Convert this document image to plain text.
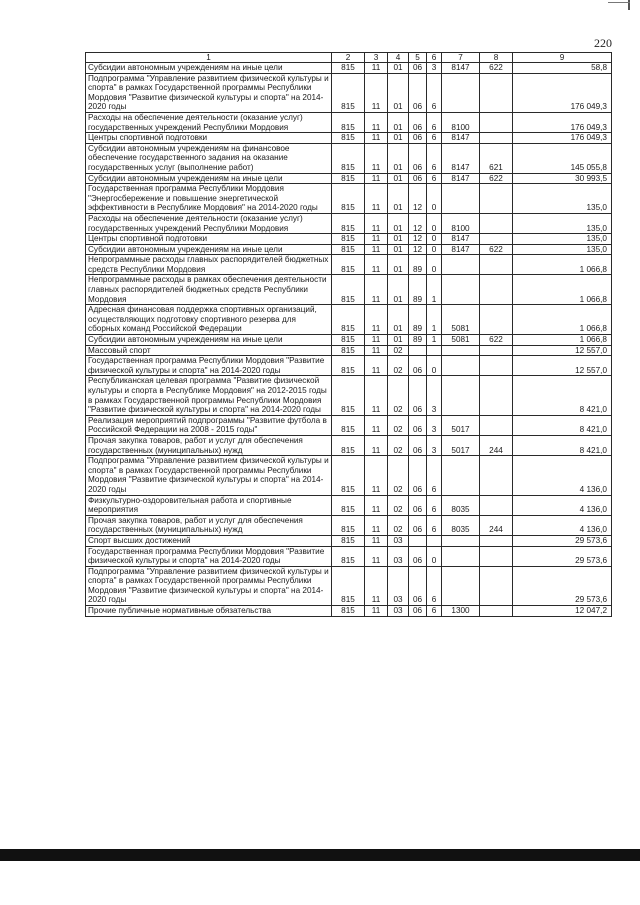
220
1	2	3	4	5	6	7	8	9
Субсидии автономным учреждениям на иные цели	815	11	01	06	3	8147	622	58,8
Подпрограмма "Управление развитием физической культуры и спорта" в рамках Государственной программы Республики Мордовия "Развитие физической культуры и спорта" на 2014-2020 годы	815	11	01	06	6			176 049,3
Расходы на обеспечение деятельности (оказание услуг) государственных учреждений Республики Мордовия	815	11	01	06	6	8100		176 049,3
Центры спортивной подготовки	815	11	01	06	6	8147		176 049,3
Субсидии автономным учреждениям на финансовое обеспечение государственного задания на оказание государственных услуг (выполнение работ)	815	11	01	06	6	8147	621	145 055,8
Субсидии автономным учреждениям на иные цели	815	11	01	06	6	8147	622	30 993,5
Государственная программа Республики Мордовия "Энергосбережение и повышение энергетической эффективности в Республике Мордовия" на 2014-2020 годы	815	11	01	12	0			135,0
Расходы на обеспечение деятельности (оказание услуг) государственных учреждений Республики Мордовия	815	11	01	12	0	8100		135,0
Центры спортивной подготовки	815	11	01	12	0	8147		135,0
Субсидии автономным учреждениям на иные цели	815	11	01	12	0	8147	622	135,0
Непрограммные расходы главных распорядителей бюджетных средств Республики Мордовия	815	11	01	89	0			1 066,8
Непрограммные расходы в рамках обеспечения деятельности главных распорядителей бюджетных средств Республики Мордовия	815	11	01	89	1			1 066,8
Адресная финансовая поддержка спортивных организаций, осуществляющих подготовку спортивного резерва для сборных команд Российской Федерации	815	11	01	89	1	5081		1 066,8
Субсидии автономным учреждениям на иные цели	815	11	01	89	1	5081	622	1 066,8
Массовый спорт	815	11	02					12 557,0
Государственная программа Республики Мордовия "Развитие физической культуры и спорта" на 2014-2020 годы	815	11	02	06	0			12 557,0
Республиканская целевая программа "Развитие физической культуры и спорта в Республике Мордовия" на 2012-2015 годы в рамках Государственной программы Республики Мордовия "Развитие физической культуры и спорта" на 2014-2020 годы	815	11	02	06	3			8 421,0
Реализация мероприятий подпрограммы "Развитие футбола в Российской Федерации на 2008 - 2015 годы"	815	11	02	06	3	5017		8 421,0
Прочая закупка товаров, работ и услуг для обеспечения государственных (муниципальных) нужд	815	11	02	06	3	5017	244	8 421,0
Подпрограмма "Управление развитием физической культуры и спорта" в рамках Государственной программы Республики Мордовия "Развитие физической культуры и спорта" на 2014-2020 годы	815	11	02	06	6			4 136,0
Физкультурно-оздоровительная работа и спортивные мероприятия	815	11	02	06	6	8035		4 136,0
Прочая закупка товаров, работ и услуг для обеспечения государственных (муниципальных) нужд	815	11	02	06	6	8035	244	4 136,0
Спорт высших достижений	815	11	03					29 573,6
Государственная программа Республики Мордовия "Развитие физической культуры и спорта" на 2014-2020 годы	815	11	03	06	0			29 573,6
Подпрограмма "Управление развитием физической культуры и спорта" в рамках Государственной программы Республики Мордовия "Развитие физической культуры и спорта" на 2014-2020 годы	815	11	03	06	6			29 573,6
Прочие публичные нормативные обязательства	815	11	03	06	6	1300		12 047,2
